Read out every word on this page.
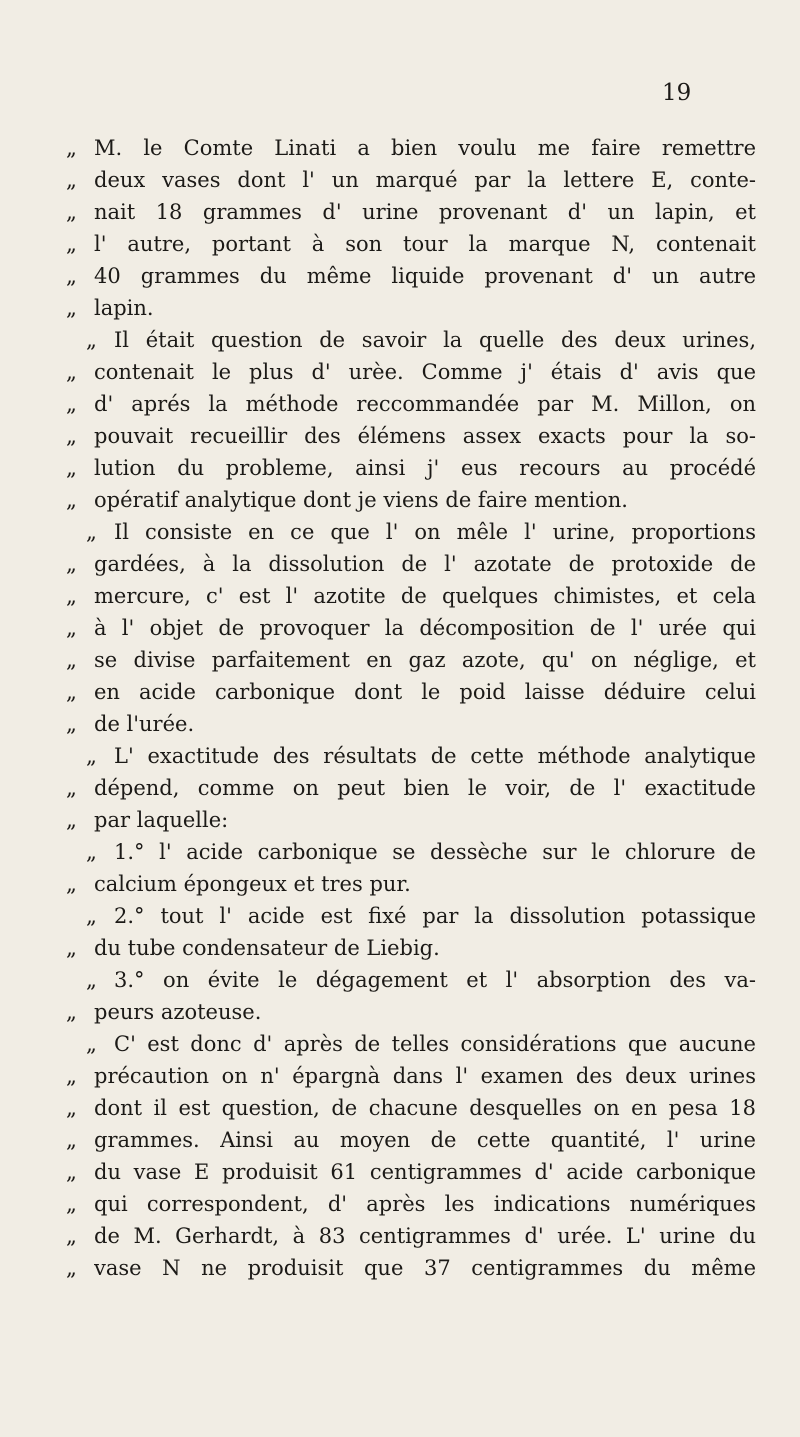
19
„ M. le Comte Linati a bien voulu me faire remettre
„ deux vases dont l' un marqué par la lettere E, conte-
„ nait 18 grammes d' urine provenant d' un lapin, et
„ l' autre, portant à son tour la marque N, contenait
„ 40 grammes du même liquide provenant d' un autre
„ lapin.
„ Il était question de savoir la quelle des deux urines,
„ contenait le plus d' urèe. Comme j' étais d' avis que
„ d' aprés la méthode reccommandée par M. Millon, on
„ pouvait recueillir des élémens assex exacts pour la so-
„ lution du probleme, ainsi j' eus recours au procédé
„ opératif analytique dont je viens de faire mention.
„ Il consiste en ce que l' on mêle l' urine, proportions
„ gardées, à la dissolution de l' azotate de protoxide de
„ mercure, c' est l' azotite de quelques chimistes, et cela
„ à l' objet de provoquer la décomposition de l' urée qui
„ se divise parfaitement en gaz azote, qu' on néglige, et
„ en acide carbonique dont le poid laisse déduire celui
„ de l'urée.
„ L' exactitude des résultats de cette méthode analytique
„ dépend, comme on peut bien le voir, de l' exactitude
„ par laquelle:
„ 1.° l' acide carbonique se dessèche sur le chlorure de
„ calcium épongeux et tres pur.
„ 2.° tout l' acide est fixé par la dissolution potassique
„ du tube condensateur de Liebig.
„ 3.° on évite le dégagement et l' absorption des va-
„ peurs azoteuse.
„ C' est donc d' après de telles considérations que aucune
„ précaution on n' épargnà dans l' examen des deux urines
„ dont il est question, de chacune desquelles on en pesa 18
„ grammes. Ainsi au moyen de cette quantité, l' urine
„ du vase E produisit 61 centigrammes d' acide carbonique
„ qui correspondent, d' après les indications numériques
„ de M. Gerhardt, à 83 centigrammes d' urée. L' urine du
„ vase N ne produisit que 37 centigrammes du même
